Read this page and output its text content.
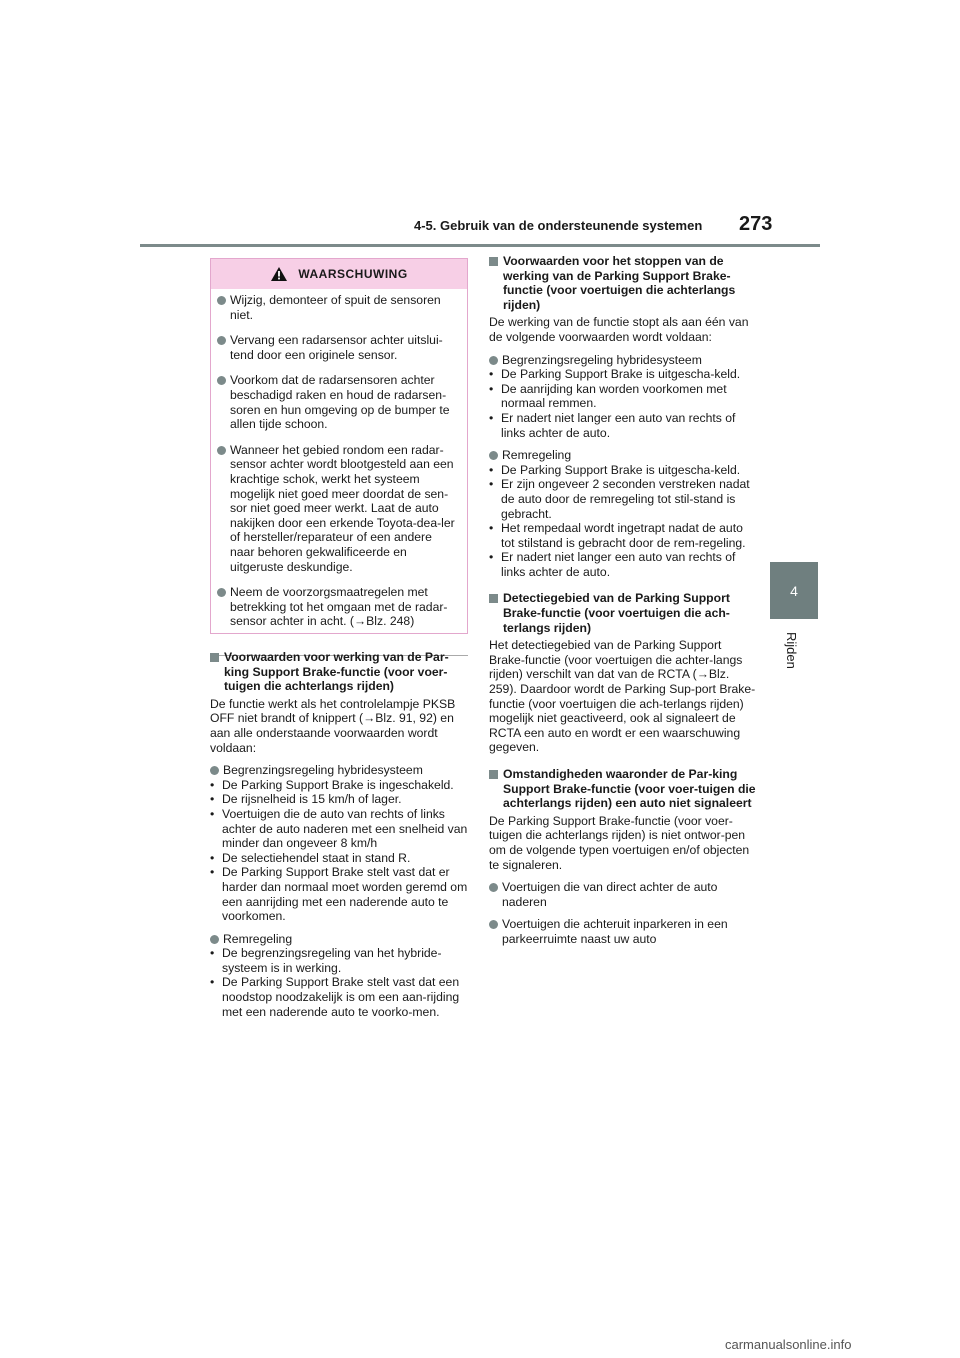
4-5. Gebruik van de ondersteunende systemen 273
4
Rijden
WAARSCHUWING
Wijzig, demonteer of spuit de sensoren niet.
Vervang een radarsensor achter uitslui-tend door een originele sensor.
Voorkom dat de radarsensoren achter beschadigd raken en houd de radarsen-soren en hun omgeving op de bumper te allen tijde schoon.
Wanneer het gebied rondom een radar-sensor achter wordt blootgesteld aan een krachtige schok, werkt het systeem mogelijk niet goed meer doordat de sen-sor niet goed meer werkt. Laat de auto nakijken door een erkende Toyota-dea-ler of hersteller/reparateur of een andere naar behoren gekwalificeerde en uitgeruste deskundige.
Neem de voorzorgsmaatregelen met betrekking tot het omgaan met de radar-sensor achter in acht. (→Blz. 248)
Voorwaarden voor werking van de Par-king Support Brake-functie (voor voer-tuigen die achterlangs rijden)
De functie werkt als het controlelampje PKSB OFF niet brandt of knippert (→Blz. 91, 92) en aan alle onderstaande voorwaarden wordt voldaan:
Begrenzingsregeling hybridesysteem
• De Parking Support Brake is ingeschakeld.
• De rijsnelheid is 15 km/h of lager.
• Voertuigen die de auto van rechts of links achter de auto naderen met een snelheid van minder dan ongeveer 8 km/h
• De selectiehendel staat in stand R.
• De Parking Support Brake stelt vast dat er harder dan normaal moet worden geremd om een aanrijding met een naderende auto te voorkomen.
Remregeling
• De begrenzingsregeling van het hybride-systeem is in werking.
• De Parking Support Brake stelt vast dat een noodstop noodzakelijk is om een aan-rijding met een naderende auto te voorko-men.
Voorwaarden voor het stoppen van de werking van de Parking Support Brake-functie (voor voertuigen die achterlangs rijden)
De werking van de functie stopt als aan één van de volgende voorwaarden wordt voldaan:
Begrenzingsregeling hybridesysteem
• De Parking Support Brake is uitgescha-keld.
• De aanrijding kan worden voorkomen met normaal remmen.
• Er nadert niet langer een auto van rechts of links achter de auto.
Remregeling
• De Parking Support Brake is uitgescha-keld.
• Er zijn ongeveer 2 seconden verstreken nadat de auto door de remregeling tot stil-stand is gebracht.
• Het rempedaal wordt ingetrapt nadat de auto tot stilstand is gebracht door de rem-regeling.
• Er nadert niet langer een auto van rechts of links achter de auto.
Detectiegebied van de Parking Support Brake-functie (voor voertuigen die ach-terlangs rijden)
Het detectiegebied van de Parking Support Brake-functie (voor voertuigen die achter-langs rijden) verschilt van dat van de RCTA (→Blz. 259). Daardoor wordt de Parking Sup-port Brake-functie (voor voertuigen die ach-terlangs rijden) mogelijk niet geactiveerd, ook al signaleert de RCTA een auto en wordt er een waarschuwing gegeven.
Omstandigheden waaronder de Par-king Support Brake-functie (voor voer-tuigen die achterlangs rijden) een auto niet signaleert
De Parking Support Brake-functie (voor voer-tuigen die achterlangs rijden) is niet ontwor-pen om de volgende typen voertuigen en/of objecten te signaleren.
Voertuigen die van direct achter de auto naderen
Voertuigen die achteruit inparkeren in een parkeerruimte naast uw auto
carmanualsonline.info
